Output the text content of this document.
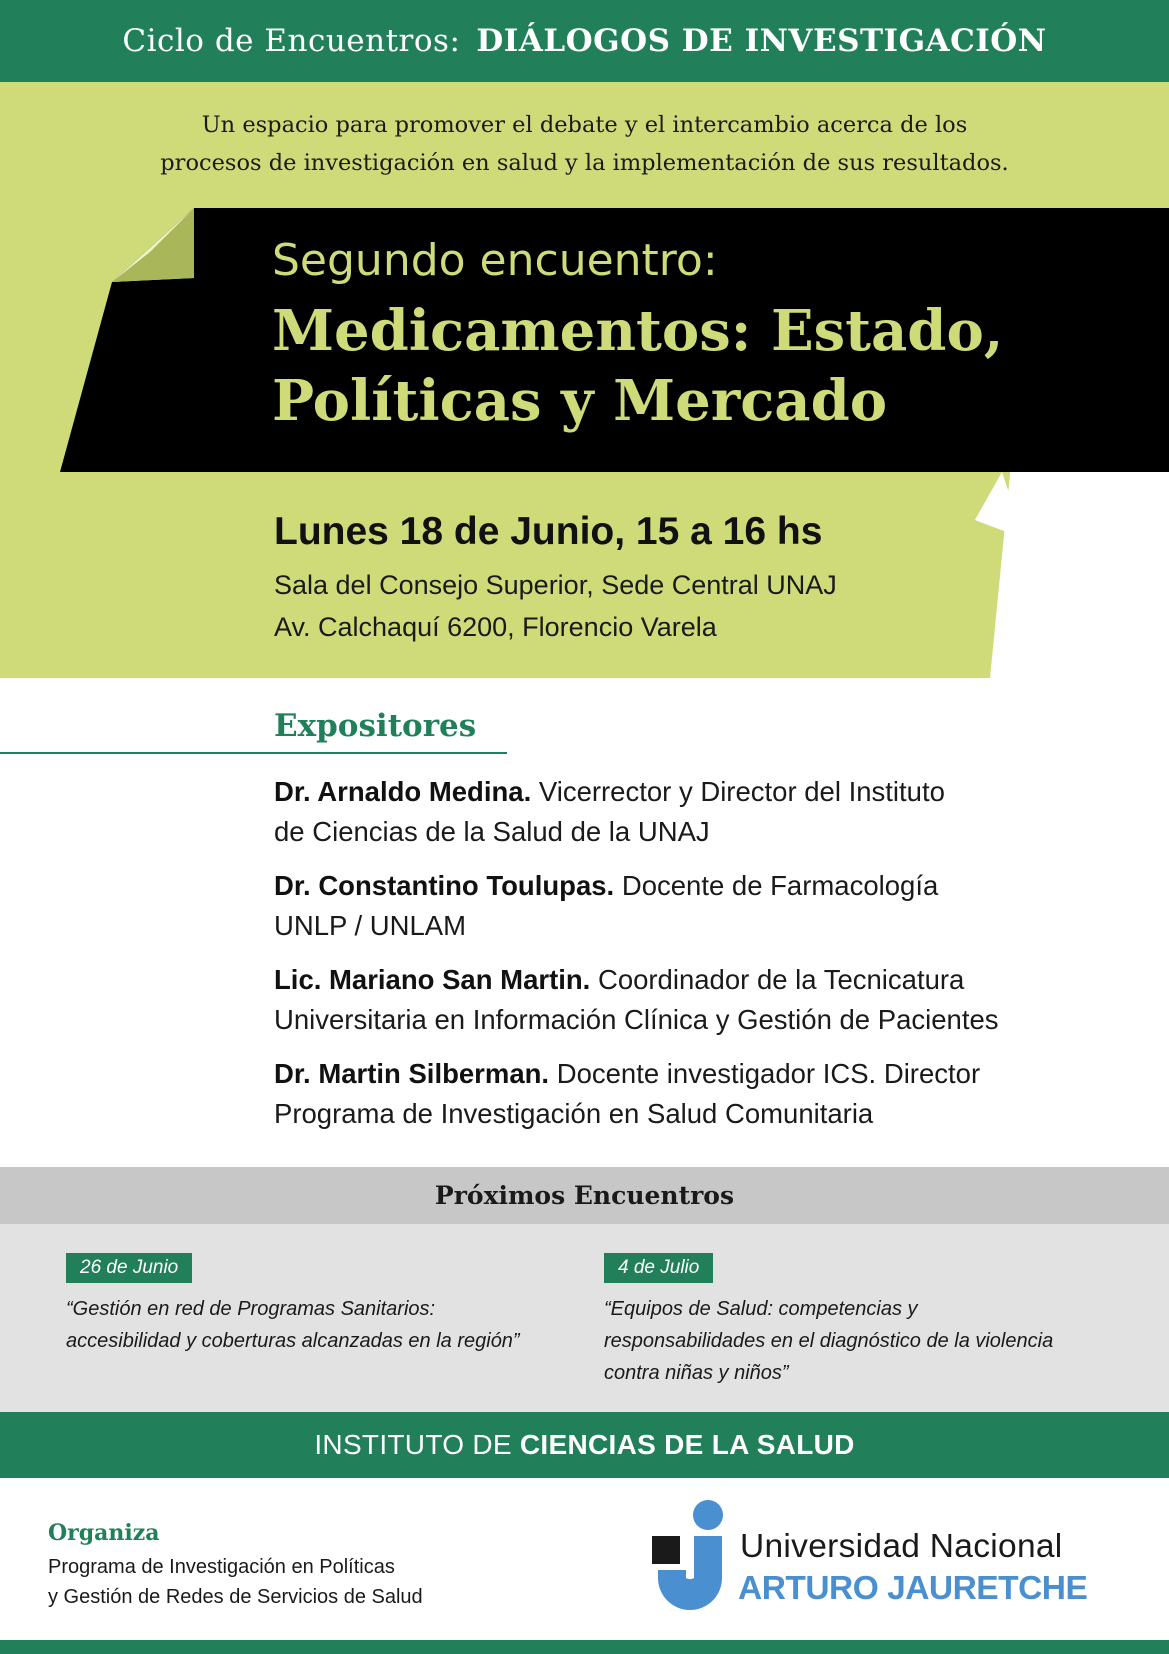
Ciclo de Encuentros: DIÁLOGOS DE INVESTIGACIÓN
Un espacio para promover el debate y el intercambio acerca de los
procesos de investigación en salud y la implementación de sus resultados.
Segundo encuentro:
Medicamentos: Estado,
Políticas y Mercado
Lunes 18 de Junio, 15 a 16 hs
Sala del Consejo Superior, Sede Central UNAJ
Av. Calchaquí 6200, Florencio Varela
Expositores
Dr. Arnaldo Medina. Vicerrector y Director del Instituto
de Ciencias de la Salud de la UNAJ
Dr. Constantino Toulupas. Docente de Farmacología
UNLP / UNLAM
Lic. Mariano San Martin. Coordinador de la Tecnicatura
Universitaria en Información Clínica y Gestión de Pacientes
Dr. Martin Silberman. Docente investigador ICS. Director
Programa de Investigación en Salud Comunitaria
Próximos Encuentros
26 de Junio
“Gestión en red de Programas Sanitarios:
accesibilidad y coberturas alcanzadas en la región”
4 de Julio
“Equipos de Salud: competencias y
responsabilidades en el diagnóstico de la violencia
contra niñas y niños”
INSTITUTO DE CIENCIAS DE LA SALUD
Organiza
Programa de Investigación en Políticas
y Gestión de Redes de Servicios de Salud
Universidad Nacional
ARTURO JAURETCHE
